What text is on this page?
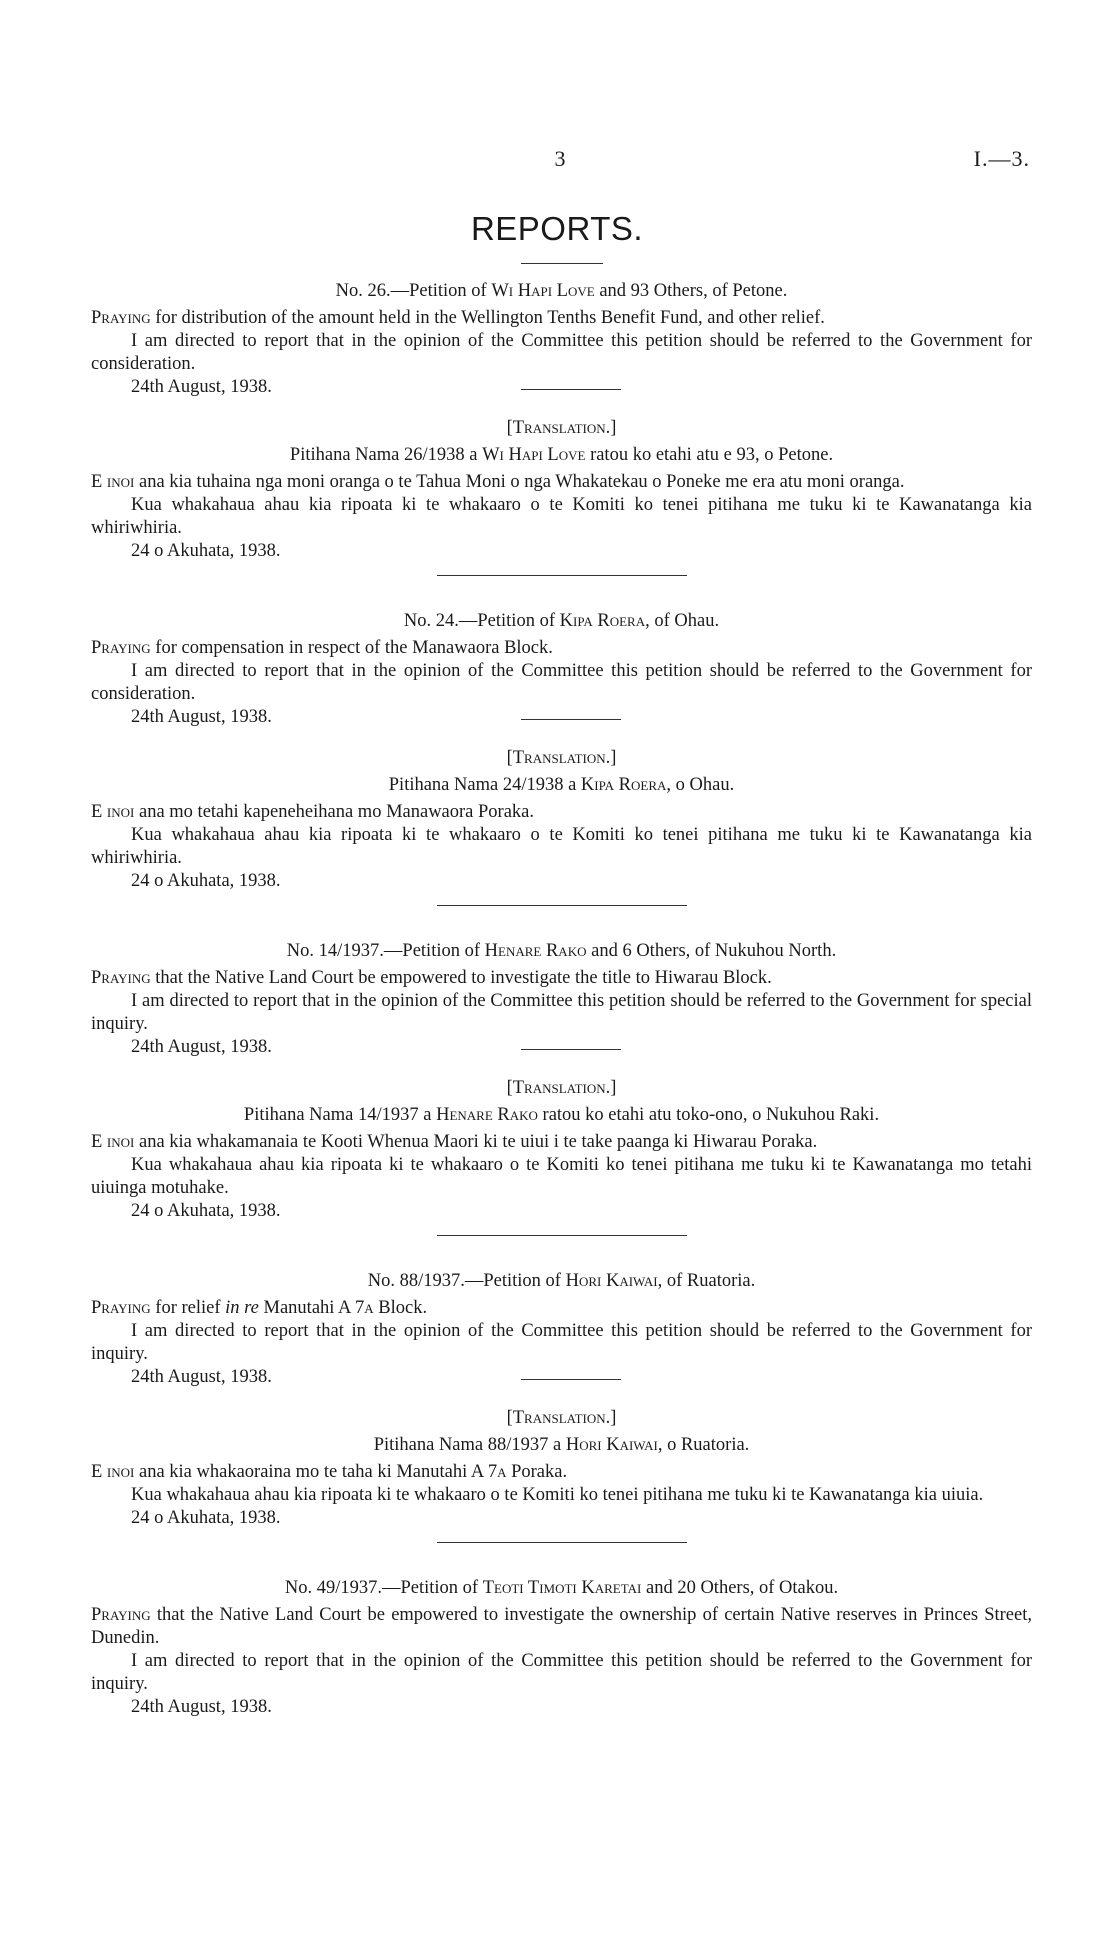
3	I.—3.
REPORTS.

No. 26.—Petition of Wi Hapi Love and 93 Others, of Petone.

Praying for distribution of the amount held in the Wellington Tenths Benefit Fund, and other relief.

I am directed to report that in the opinion of the Committee this petition should be referred to the Government for consideration.

24th August, 1938.

[Translation.]

Pitihana Nama 26/1938 a Wi Hapi Love ratou ko etahi atu e 93, o Petone.

E inoi ana kia tuhaina nga moni oranga o te Tahua Moni o nga Whakatekau o Poneke me era atu moni oranga.

Kua whakahaua ahau kia ripoata ki te whakaaro o te Komiti ko tenei pitihana me tuku ki te Kawanatanga kia whiriwhiria.

24 o Akuhata, 1938.

No. 24.—Petition of Kipa Roera, of Ohau.

Praying for compensation in respect of the Manawaora Block.

I am directed to report that in the opinion of the Committee this petition should be referred to the Government for consideration.

24th August, 1938.

[Translation.]

Pitihana Nama 24/1938 a Kipa Roera, o Ohau.

E inoi ana mo tetahi kapeneheihana mo Manawaora Poraka.

Kua whakahaua ahau kia ripoata ki te whakaaro o te Komiti ko tenei pitihana me tuku ki te Kawanatanga kia whiriwhiria.

24 o Akuhata, 1938.

No. 14/1937.—Petition of Henare Rako and 6 Others, of Nukuhou North.

Praying that the Native Land Court be empowered to investigate the title to Hiwarau Block.

I am directed to report that in the opinion of the Committee this petition should be referred to the Government for special inquiry.

24th August, 1938.

[Translation.]

Pitihana Nama 14/1937 a Henare Rako ratou ko etahi atu toko-ono, o Nukuhou Raki.

E inoi ana kia whakamanaia te Kooti Whenua Maori ki te uiui i te take paanga ki Hiwarau Poraka.

Kua whakahaua ahau kia ripoata ki te whakaaro o te Komiti ko tenei pitihana me tuku ki te Kawanatanga mo tetahi uiuinga motuhake.

24 o Akuhata, 1938.

No. 88/1937.—Petition of Hori Kaiwai, of Ruatoria.

Praying for relief in re Manutahi A 7a Block.

I am directed to report that in the opinion of the Committee this petition should be referred to the Government for inquiry.

24th August, 1938.

[Translation.]

Pitihana Nama 88/1937 a Hori Kaiwai, o Ruatoria.

E inoi ana kia whakaoraina mo te taha ki Manutahi A 7a Poraka.

Kua whakahaua ahau kia ripoata ki te whakaaro o te Komiti ko tenei pitihana me tuku ki te Kawanatanga kia uiuia.

24 o Akuhata, 1938.

No. 49/1937.—Petition of Teoti Timoti Karetai and 20 Others, of Otakou.

Praying that the Native Land Court be empowered to investigate the ownership of certain Native reserves in Princes Street, Dunedin.

I am directed to report that in the opinion of the Committee this petition should be referred to the Government for inquiry.

24th August, 1938.
